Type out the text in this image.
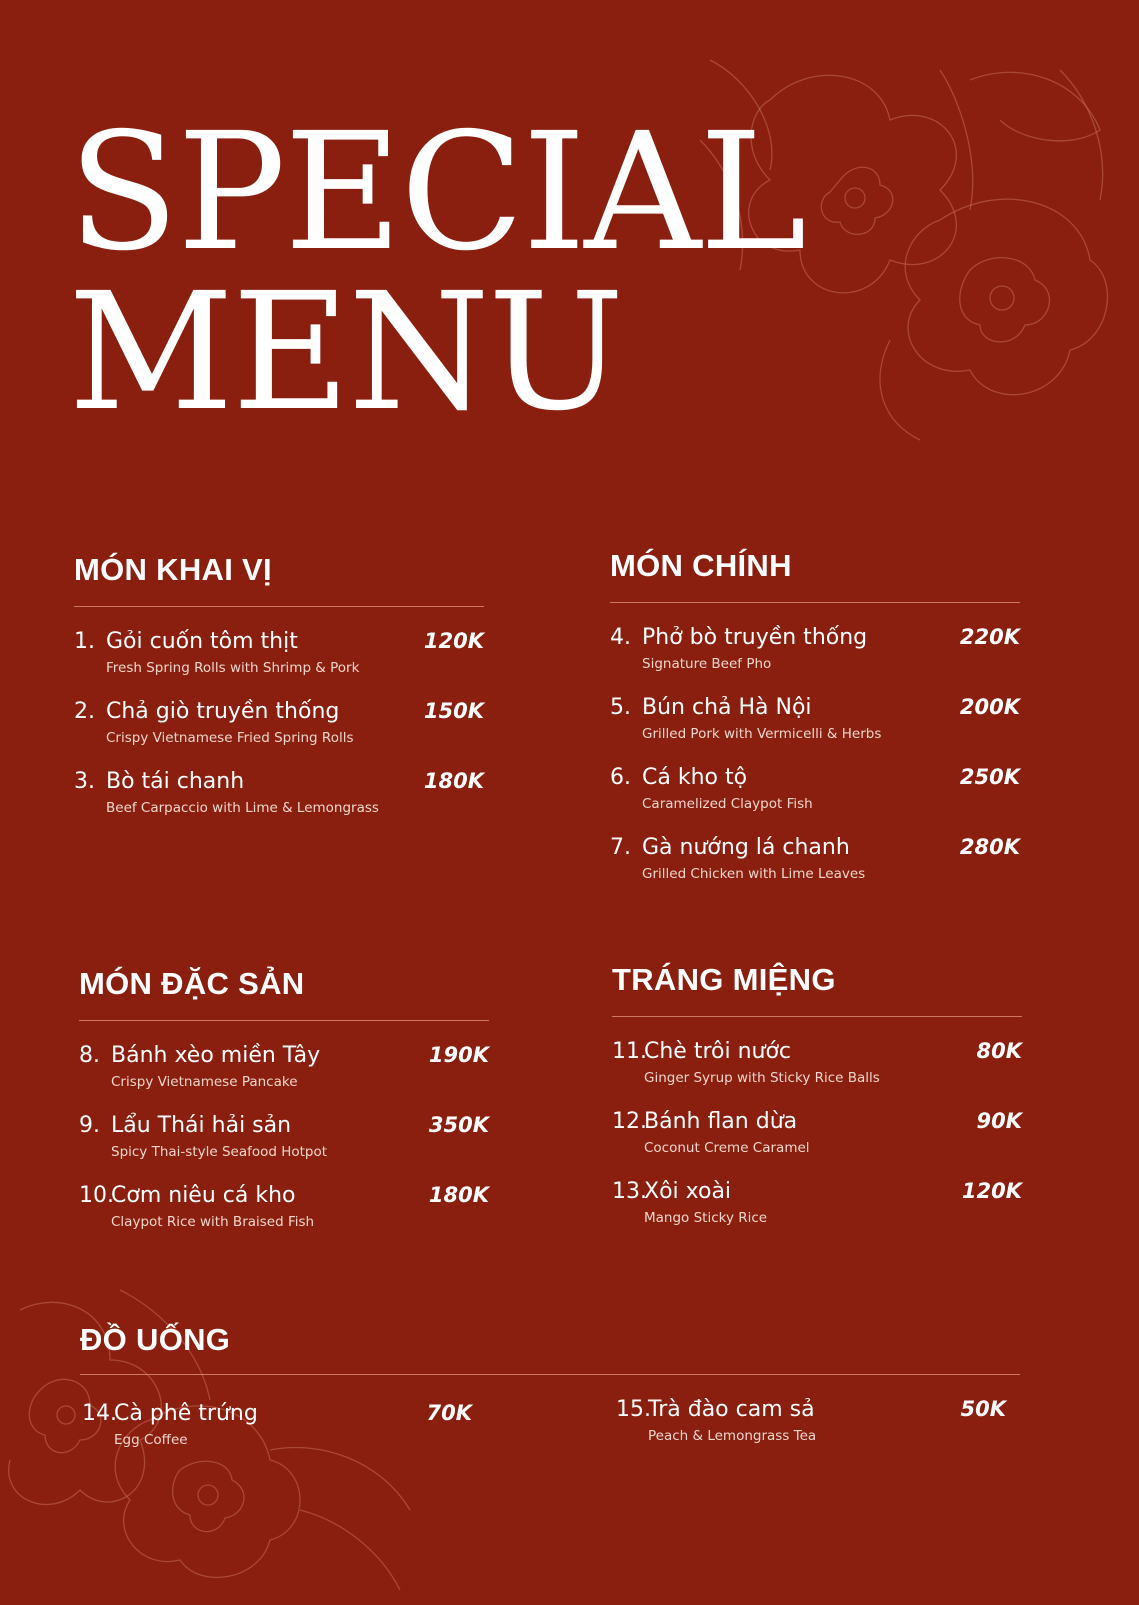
SPECIAL
MENU
MÓN KHAI VỊ
1. Gỏi cuốn tôm thịt
Fresh Spring Rolls with Shrimp & Pork
120K
2. Chả giò truyền thống
Crispy Vietnamese Fried Spring Rolls
150K
3. Bò tái chanh
Beef Carpaccio with Lime & Lemongrass
180K
MÓN CHÍNH
4. Phở bò truyền thống
Signature Beef Pho
220K
5. Bún chả Hà Nội
Grilled Pork with Vermicelli & Herbs
200K
6. Cá kho tộ
Caramelized Claypot Fish
250K
7. Gà nướng lá chanh
Grilled Chicken with Lime Leaves
280K
MÓN ĐẶC SẢN
8. Bánh xèo miền Tây
Crispy Vietnamese Pancake
190K
9. Lẩu Thái hải sản
Spicy Thai-style Seafood Hotpot
350K
10.
Cơm niêu cá kho
Claypot Rice with Braised Fish
180K
TRÁNG MIỆNG
11.
Chè trôi nước
Ginger Syrup with Sticky Rice Balls
80K
12.
Bánh flan dừa
Coconut Creme Caramel
90K
13.
Xôi xoài
Mango Sticky Rice
120K
ĐỒ UỐNG
14.
Cà phê trứng
Egg Coffee
70K	15.
Trà đào cam sả
Peach & Lemongrass Tea
50K
